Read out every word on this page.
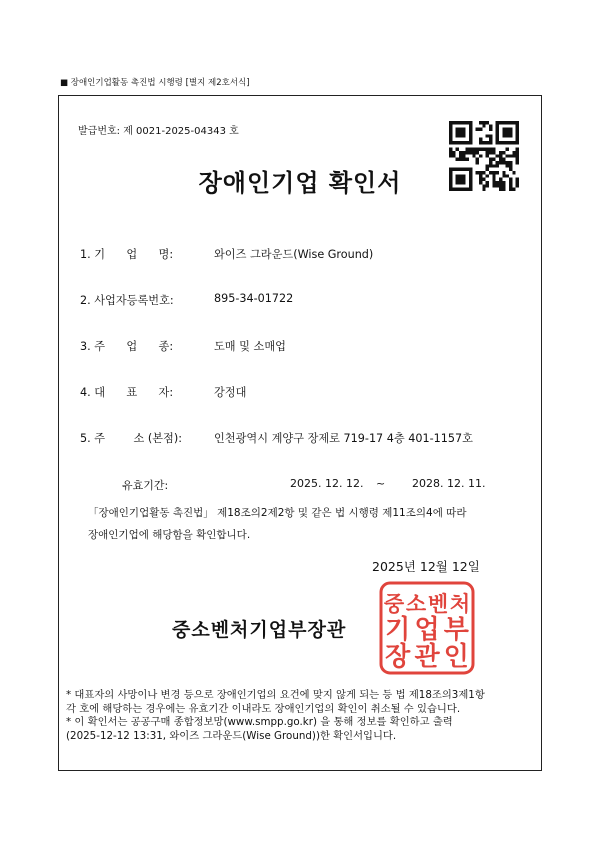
■ 장애인기업활동 촉진법 시행령 [별지 제2호서식]
발급번호: 제 0021-2025-04343 호
장애인기업 확인서
1. 기      업      명:	와이즈 그라운드(Wise Ground)
2. 사업자등록번호:	895-34-01722
3. 주      업      종:	도매 및 소매업
4. 대      표      자:	강정대
5. 주        소 (본점):	인천광역시 계양구 장제로 719-17 4층 401-1157호
유효기간:	2025. 12. 12. ~ 2028. 12. 11.
「장애인기업활동 촉진법」 제18조의2제2항 및 같은 법 시행령 제11조의4에 따라
장애인기업에 해당함을 확인합니다.
2025년 12월 12일
중소벤처기업부장관
중 소 벤 처
기 업 부
장 관 인
* 대표자의 사망이나 변경 등으로 장애인기업의 요건에 맞지 않게 되는 등 법 제18조의3제1항
각 호에 해당하는 경우에는 유효기간 이내라도 장애인기업의 확인이 취소될 수 있습니다.
* 이 확인서는 공공구매 종합정보망(www.smpp.go.kr) 을 통해 정보를 확인하고 출력
(2025-12-12 13:31, 와이즈 그라운드(Wise Ground))한 확인서입니다.
